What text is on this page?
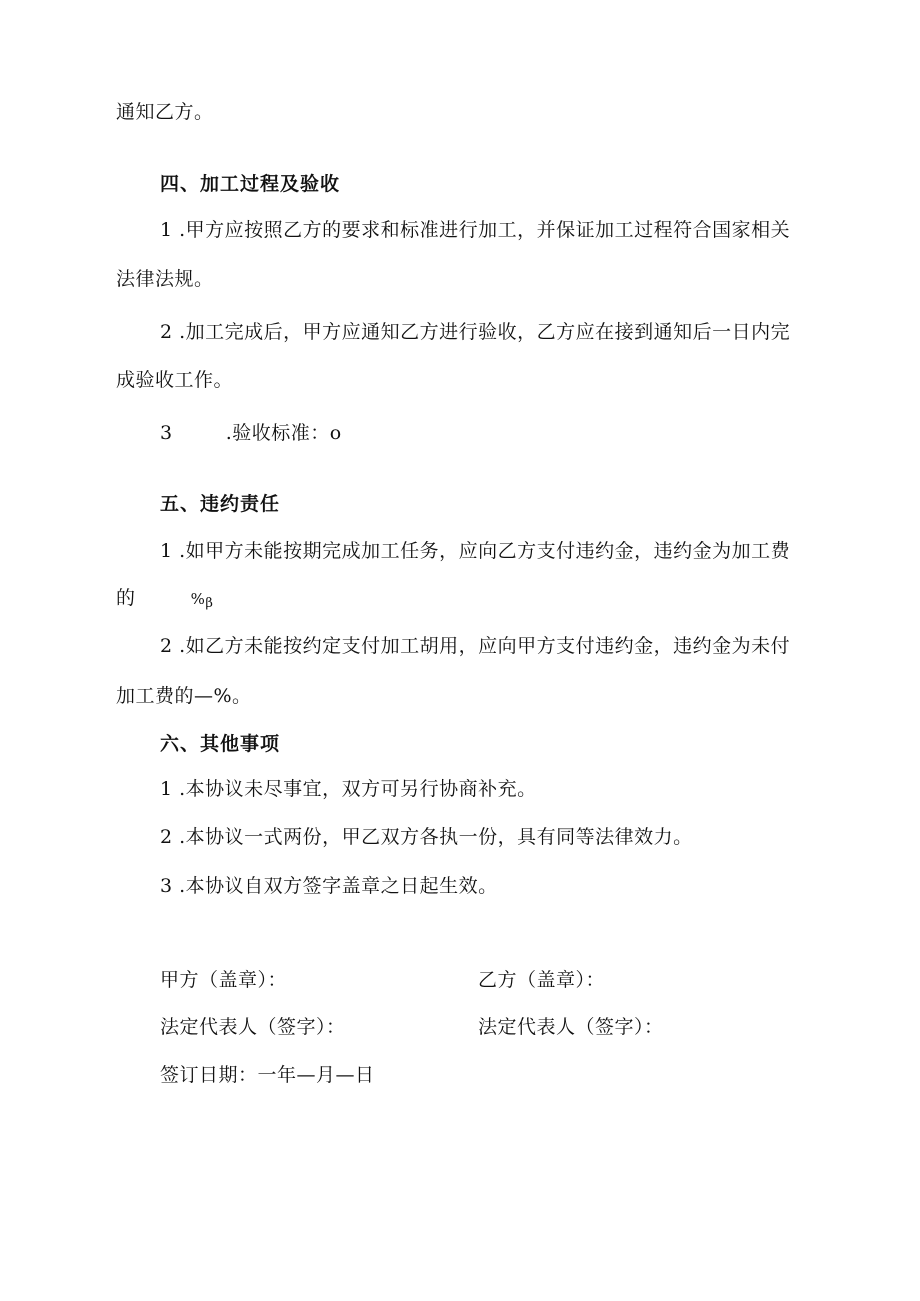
通知乙方。
四、加工过程及验收
1 .甲方应按照乙方的要求和标准进行加工，并保证加工过程符合国家相关
法律法规。
2 .加工完成后，甲方应通知乙方进行验收，乙方应在接到通知后一日内完
成验收工作。
3	.验收标准：o
五、违约责任
1 .如甲方未能按期完成加工任务，应向乙方支付违约金，违约金为加工费
的	%β
2 .如乙方未能按约定支付加工胡用，应向甲方支付违约金，违约金为未付
加工费的—%。
六、其他事项
1 .本协议未尽事宜，双方可另行协商补充。
2 .本协议一式两份，甲乙双方各执一份，具有同等法律效力。
3 .本协议自双方签字盖章之日起生效。
甲方（盖章）：	乙方（盖章）：
法定代表人（签字）：	法定代表人（签字）：
签订日期：一年—月—日
